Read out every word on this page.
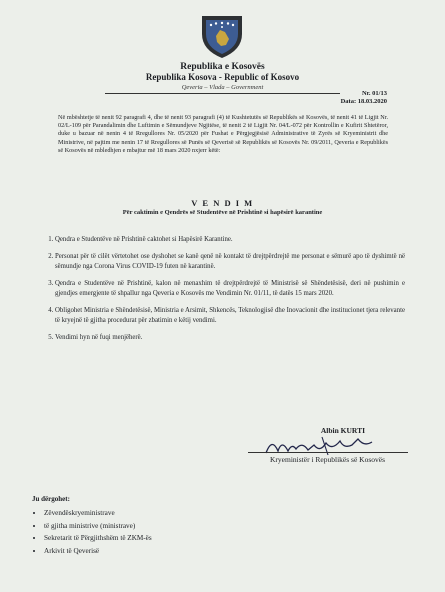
Republika e Kosovës
Republika Kosova - Republic of Kosovo
Qeveria – Vlada – Government
Nr. 01/13
Data: 18.03.2020
Në mbështetje të nenit 92 paragrafi 4, dhe të nenit 93 paragrafi (4) të Kushtetutës së Republikës së Kosovës, të nenit 41 të Ligjit Nr. 02/L-109 për Parandalimin dhe Luftimin e Sëmundjeve Ngjitëse, të nenit 2 të Ligjit Nr. 04/L-072 për Kontrollin e Kufirit Shtetëror, duke u bazuar në nenin 4 të Rregullores Nr. 05/2020 për Fushat e Përgjegjësisë Administrative të Zyrës së Kryeministrit dhe Ministrive, në pajtim me nenin 17 të Rregullores së Punës së Qeverisë së Republikës së Kosovës Nr. 09/2011, Qeveria e Republikës së Kosovës në mbledhjen e mbajtur më 18 mars 2020 nxjerr këtë:
V E N D I M
Për caktimin e Qendrës së Studentëve në Prishtinë si hapësirë karantine
1. Qendra e Studentëve në Prishtinë caktohet si Hapësirë Karantine.
2. Personat për të cilët vërtetohet ose dyshohet se kanë qenë në kontakt të drejtpërdrejtë me personat e sëmurë apo të dyshimtë në sëmundje nga Corona Virus COVID-19 futen në karantinë.
3. Qendra e Studentëve në Prishtinë, kalon në menaxhim të drejtpërdrejtë të Ministrisë së Shëndetësisë, deri në pushimin e gjendjes emergjente të shpallur nga Qeveria e Kosovës me Vendimin Nr. 01/11, të datës 15 mars 2020.
4. Obligohet Ministria e Shëndetësisë, Ministria e Arsimit, Shkencës, Teknologjisë dhe Inovacionit dhe institucionet tjera relevante të kryejnë të gjitha procedurat për zbatimin e këtij vendimi.
5. Vendimi hyn në fuqi menjëherë.
Albin KURTI
Kryeministër i Republikës së Kosovës
Ju dërgohet:
• Zëvendëskryeministrave
• të gjitha ministrive (ministrave)
• Sekretarit të Përgjithshëm të ZKM-ës
• Arkivit të Qeverisë
